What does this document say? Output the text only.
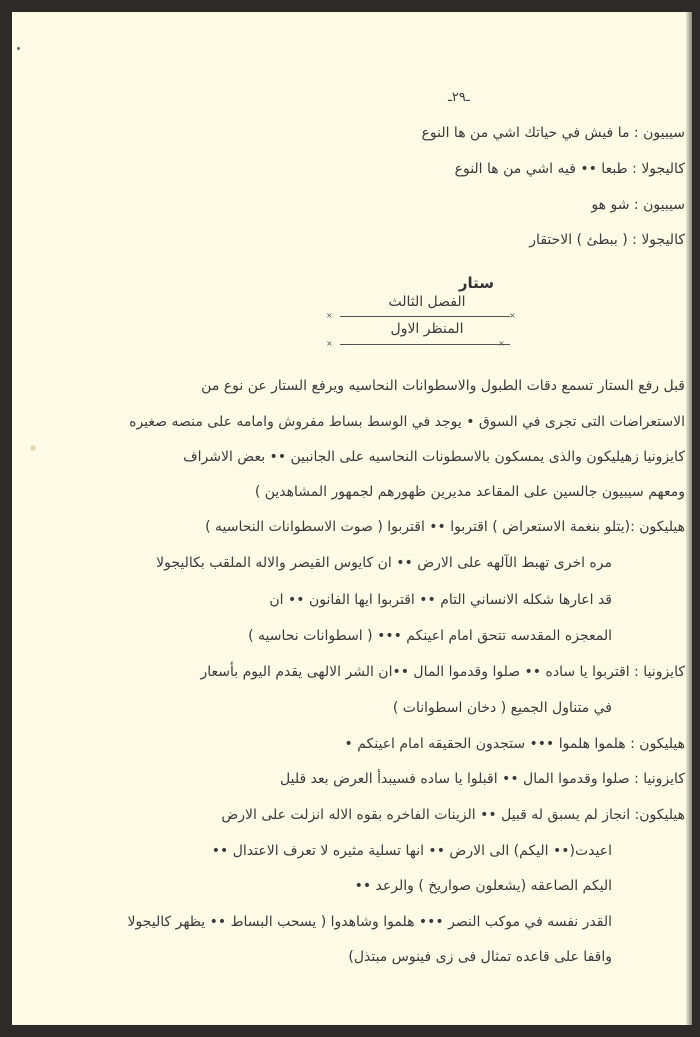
ـ٢٩ـ
سيبيون : ما فيش في حياتك اشي من ها النوع
كاليجولا : طبعا •• فيه اشي من ها النوع
سيبيون : شو هو
كاليجولا : ( ببطئ ) الاحتقار
ستار
الفصل الثالث
×	×
المنظر الاول
×	×
قبل رفع الستار تسمع دقات الطبول والاسطوانات النحاسيه ويرفع الستار عن نوع من
الاستعراضات التى تجرى في السوق • يوجد في الوسط بساط مفروش وامامه على منصه صغيره
كايزونيا زهيليكون والذى يمسكون بالاسطونات النحاسيه على الجانبين •• بعض الاشراف
ومعهم سيبيون جالسين على المقاعد مديرين ظهورهم لجمهور المشاهدين )
هيليكون :(يتلو بنغمة الاستعراض ) اقتربوا •• اقتربوا ( صوت الاسطوانات النحاسيه )
مره اخرى تهبط الآلهه على الارض •• ان كايوس القيصر والاله الملقب بكاليجولا
قد اعارها شكله الانساني التام •• اقتربوا ايها الفانون •• ان
المعجزه المقدسه تتحق امام اعينكم ••• ( اسطوانات نحاسيه )
كايزونيا : اقتربوا يا ساده •• صلوا وقدموا المال ••ان الشر الالهى يقدم اليوم بأسعار
في متناول الجميع ( دخان اسطوانات )
هيليكون : هلموا هلموا ••• ستجدون الحقيقه امام اعينكم •
كايزونيا : صلوا وقدموا المال •• اقبلوا يا ساده فسيبدأ العرض بعد قليل
هيليكون: انجاز لم يسبق له قبيل •• الزينات الفاخره بقوه الاله انزلت على الارض
اعيدت(•• اليكم) الى الارض •• انها تسلية مثيره لا تعرف الاعتدال ••
اليكم الصاعقه (يشعلون صواريخ ) والرعد ••
القدر نفسه في موكب النصر ••• هلموا وشاهدوا ( يسحب البساط •• يظهر كاليجولا
واقفا على قاعده تمثال فى زى فينوس مبتذل)
